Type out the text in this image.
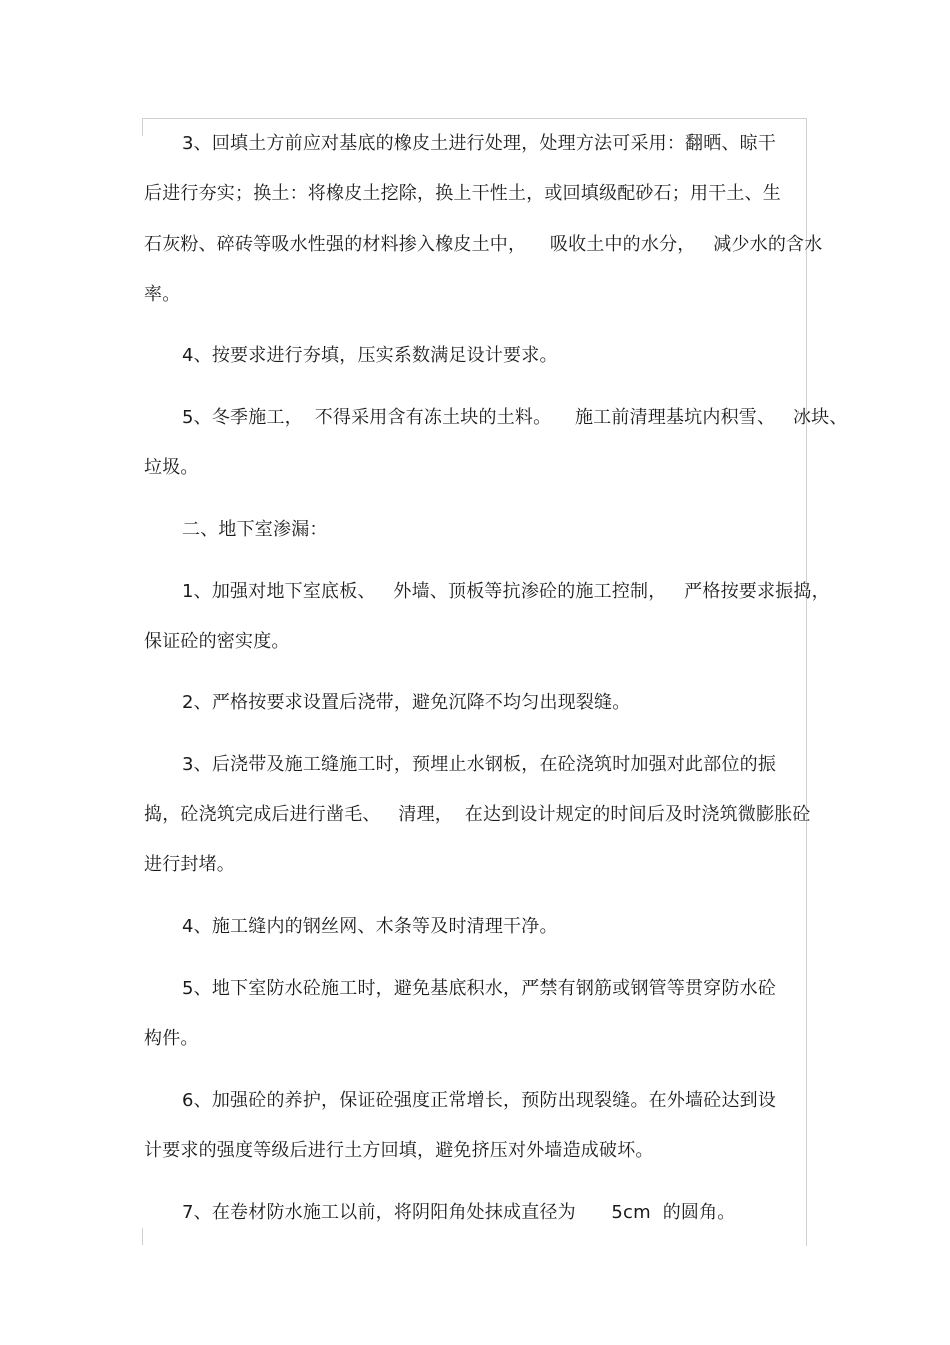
3、回填土方前应对基底的橡皮土进行处理，处理方法可采用：翻晒、晾干
后进行夯实；换土：将橡皮土挖除，换上干性土，或回填级配砂石；用干土、生
石灰粉、碎砖等吸水性强的材料掺入橡皮土中，    吸收土中的水分，   减少水的含水
率。
4、按要求进行夯填，压实系数满足设计要求。
5、冬季施工，  不得采用含有冻土块的土料。    施工前清理基坑内积雪、   冰块、
垃圾。
二、地下室渗漏：
1、加强对地下室底板、   外墙、顶板等抗渗砼的施工控制，   严格按要求振捣，
保证砼的密实度。
2、严格按要求设置后浇带，避免沉降不均匀出现裂缝。
3、后浇带及施工缝施工时，预埋止水钢板，在砼浇筑时加强对此部位的振
捣，砼浇筑完成后进行凿毛、   清理，  在达到设计规定的时间后及时浇筑微膨胀砼
进行封堵。
4、施工缝内的钢丝网、木条等及时清理干净。
5、地下室防水砼施工时，避免基底积水，严禁有钢筋或钢管等贯穿防水砼
构件。
6、加强砼的养护，保证砼强度正常增长，预防出现裂缝。在外墙砼达到设
计要求的强度等级后进行土方回填，避免挤压对外墙造成破坏。
7、在卷材防水施工以前，将阴阳角处抹成直径为      5cm  的圆角。
